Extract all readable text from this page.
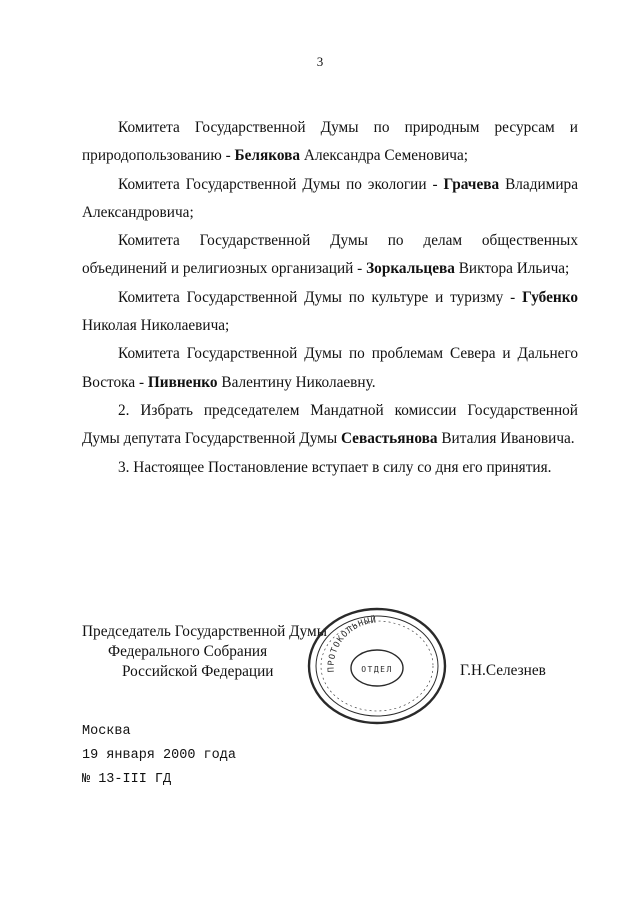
3

Комитета Государственной Думы по природным ресурсам и природопользованию - Белякова Александра Семеновича;

Комитета Государственной Думы по экологии - Грачева Владимира Александровича;

Комитета Государственной Думы по делам общественных объединений и религиозных организаций - Зоркальцева Виктора Ильича;

Комитета Государственной Думы по культуре и туризму - Губенко Николая Николаевича;

Комитета Государственной Думы по проблемам Севера и Дальнего Востока - Пивненко Валентину Николаевну.

2. Избрать председателем Мандатной комиссии Государственной Думы депутата Государственной Думы Севастьянова Виталия Ивановича.

3. Настоящее Постановление вступает в силу со дня его принятия.

Председатель Государственной Думы
Федерального Собрания
Российской Федерации	Г.Н.Селезнев
ПРОТОКОЛЬНЫЙ
ОТДЕЛ
Москва
19 января 2000 года
№ 13-III ГД
